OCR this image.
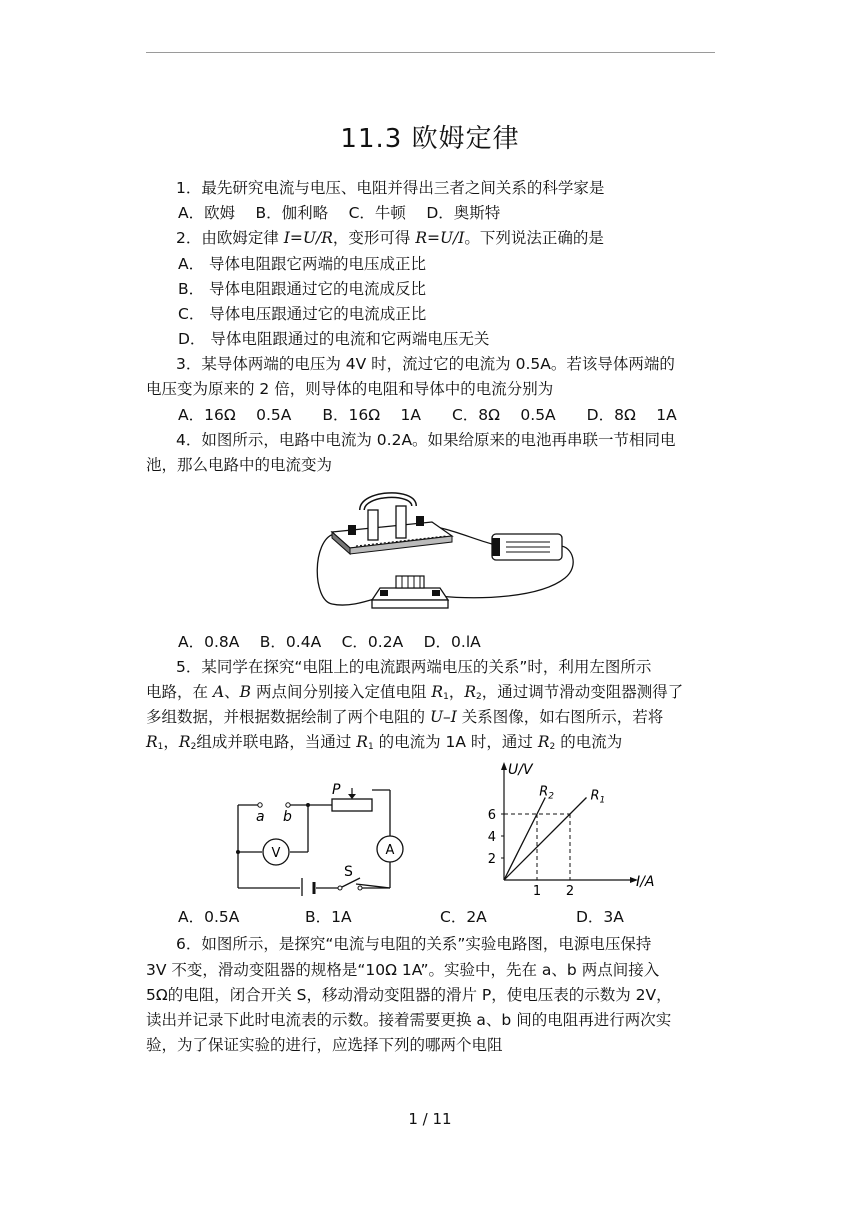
11.3 欧姆定律
1．最先研究电流与电压、电阻并得出三者之间关系的科学家是
A．欧姆　 B．伽利略　 C．牛顿　 D．奥斯特
2．由欧姆定律 I=U/R，变形可得 R=U/I。下列说法正确的是
A． 导体电阻跟它两端的电压成正比
B． 导体电阻跟通过它的电流成反比
C． 导体电压跟通过它的电流成正比
D． 导体电阻跟通过的电流和它两端电压无关
3．某导体两端的电压为 4V 时，流过它的电流为 0.5A。若该导体两端的
电压变为原来的 2 倍，则导体的电阻和导体中的电流分别为
A．16Ω　 0.5A　　B．16Ω　 1A　　C．8Ω　 0.5A　　D．8Ω　 1A
4．如图所示，电路中电流为 0.2A。如果给原来的电池再串联一节相同电
池，那么电路中的电流变为
A．0.8A　 B．0.4A　 C．0.2A　 D．0.lA
5．某同学在探究“电阻上的电流跟两端电压的关系”时，利用左图所示
电路，在 A、B 两点间分别接入定值电阻 $R_1$，$R_2$，通过调节滑动变阻器测得了
多组数据，并根据数据绘制了两个电阻的 U–I 关系图像，如右图所示，若将
$R_1$，$R_2$组成并联电路，当通过 $R_1$ 的电流为 1A 时，通过 $R_2$ 的电流为
P
a b
V	A
S
U/V
I/A
2
4
6
1 2
$R_2$	$R_1$
A．0.5A	B．1A	C．2A	D．3A
6．如图所示，是探究“电流与电阻的关系”实验电路图，电源电压保持
3V 不变，滑动变阻器的规格是“10Ω 1A”。实验中，先在 a、b 两点间接入
5Ω的电阻，闭合开关 S，移动滑动变阻器的滑片 P，使电压表的示数为 2V，
读出并记录下此时电流表的示数。接着需要更换 a、b 间的电阻再进行两次实
验，为了保证实验的进行，应选择下列的哪两个电阻
1 / 11
